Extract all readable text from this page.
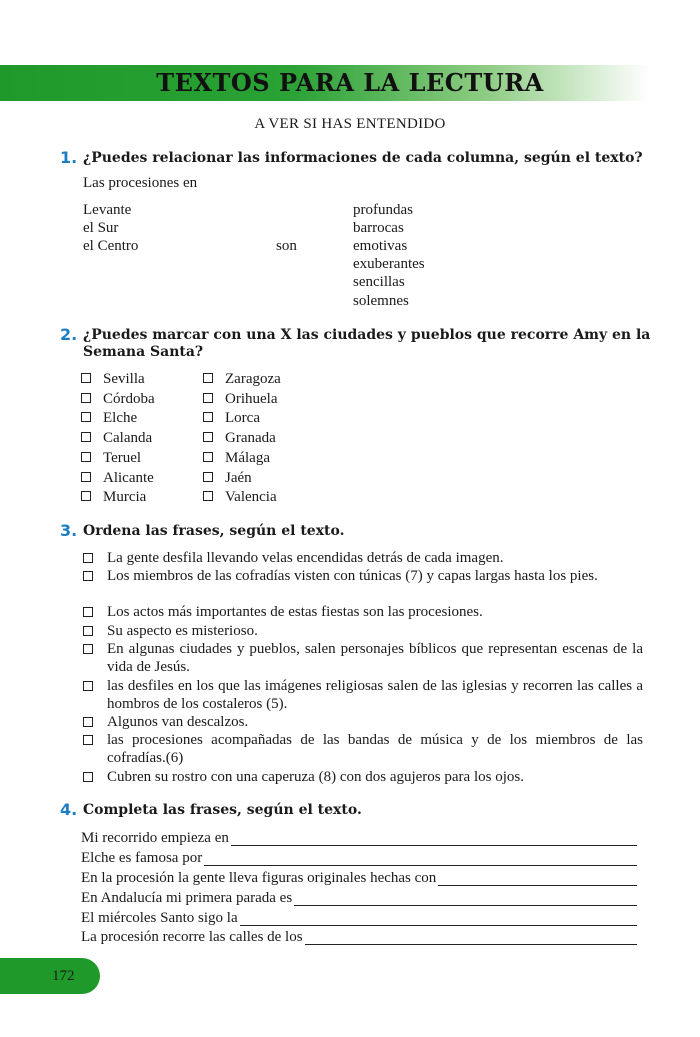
TEXTOS PARA LA LECTURA
A VER SI HAS ENTENDIDO
1. ¿Puedes relacionar las informaciones de cada columna, según el texto?
Las procesiones en
Levante
el Sur
el Centro	son
profundas
barrocas
emotivas
exuberantes
sencillas
solemnes
2. ¿Puedes marcar con una X las ciudades y pueblos que recorre Amy en la
Semana Santa?
Sevilla
Córdoba
Elche
Calanda
Teruel
Alicante
Murcia
Zaragoza
Orihuela
Lorca
Granada
Málaga
Jaén
Valencia
3. Ordena las frases, según el texto.
La gente desfila llevando velas encendidas detrás de cada imagen.
Los miembros de las cofradías visten con túnicas (7) y capas largas hasta los pies.
Los actos más importantes de estas fiestas son las procesiones.
Su aspecto es misterioso.
En algunas ciudades y pueblos, salen personajes bíblicos que representan escenas de la vida de Jesús.
las desfiles en los que las imágenes religiosas salen de las iglesias y recorren las calles a hombros de los costaleros (5).
Algunos van descalzos.
las procesiones acompañadas de las bandas de música y de los miembros de las cofradías.(6)
Cubren su rostro con una caperuza (8) con dos agujeros para los ojos.
4. Completa las frases, según el texto.
Mi recorrido empieza en
Elche es famosa por
En la procesión la gente lleva figuras originales hechas con
En Andalucía mi primera parada es
El miércoles Santo sigo la
La procesión recorre las calles de los
172
